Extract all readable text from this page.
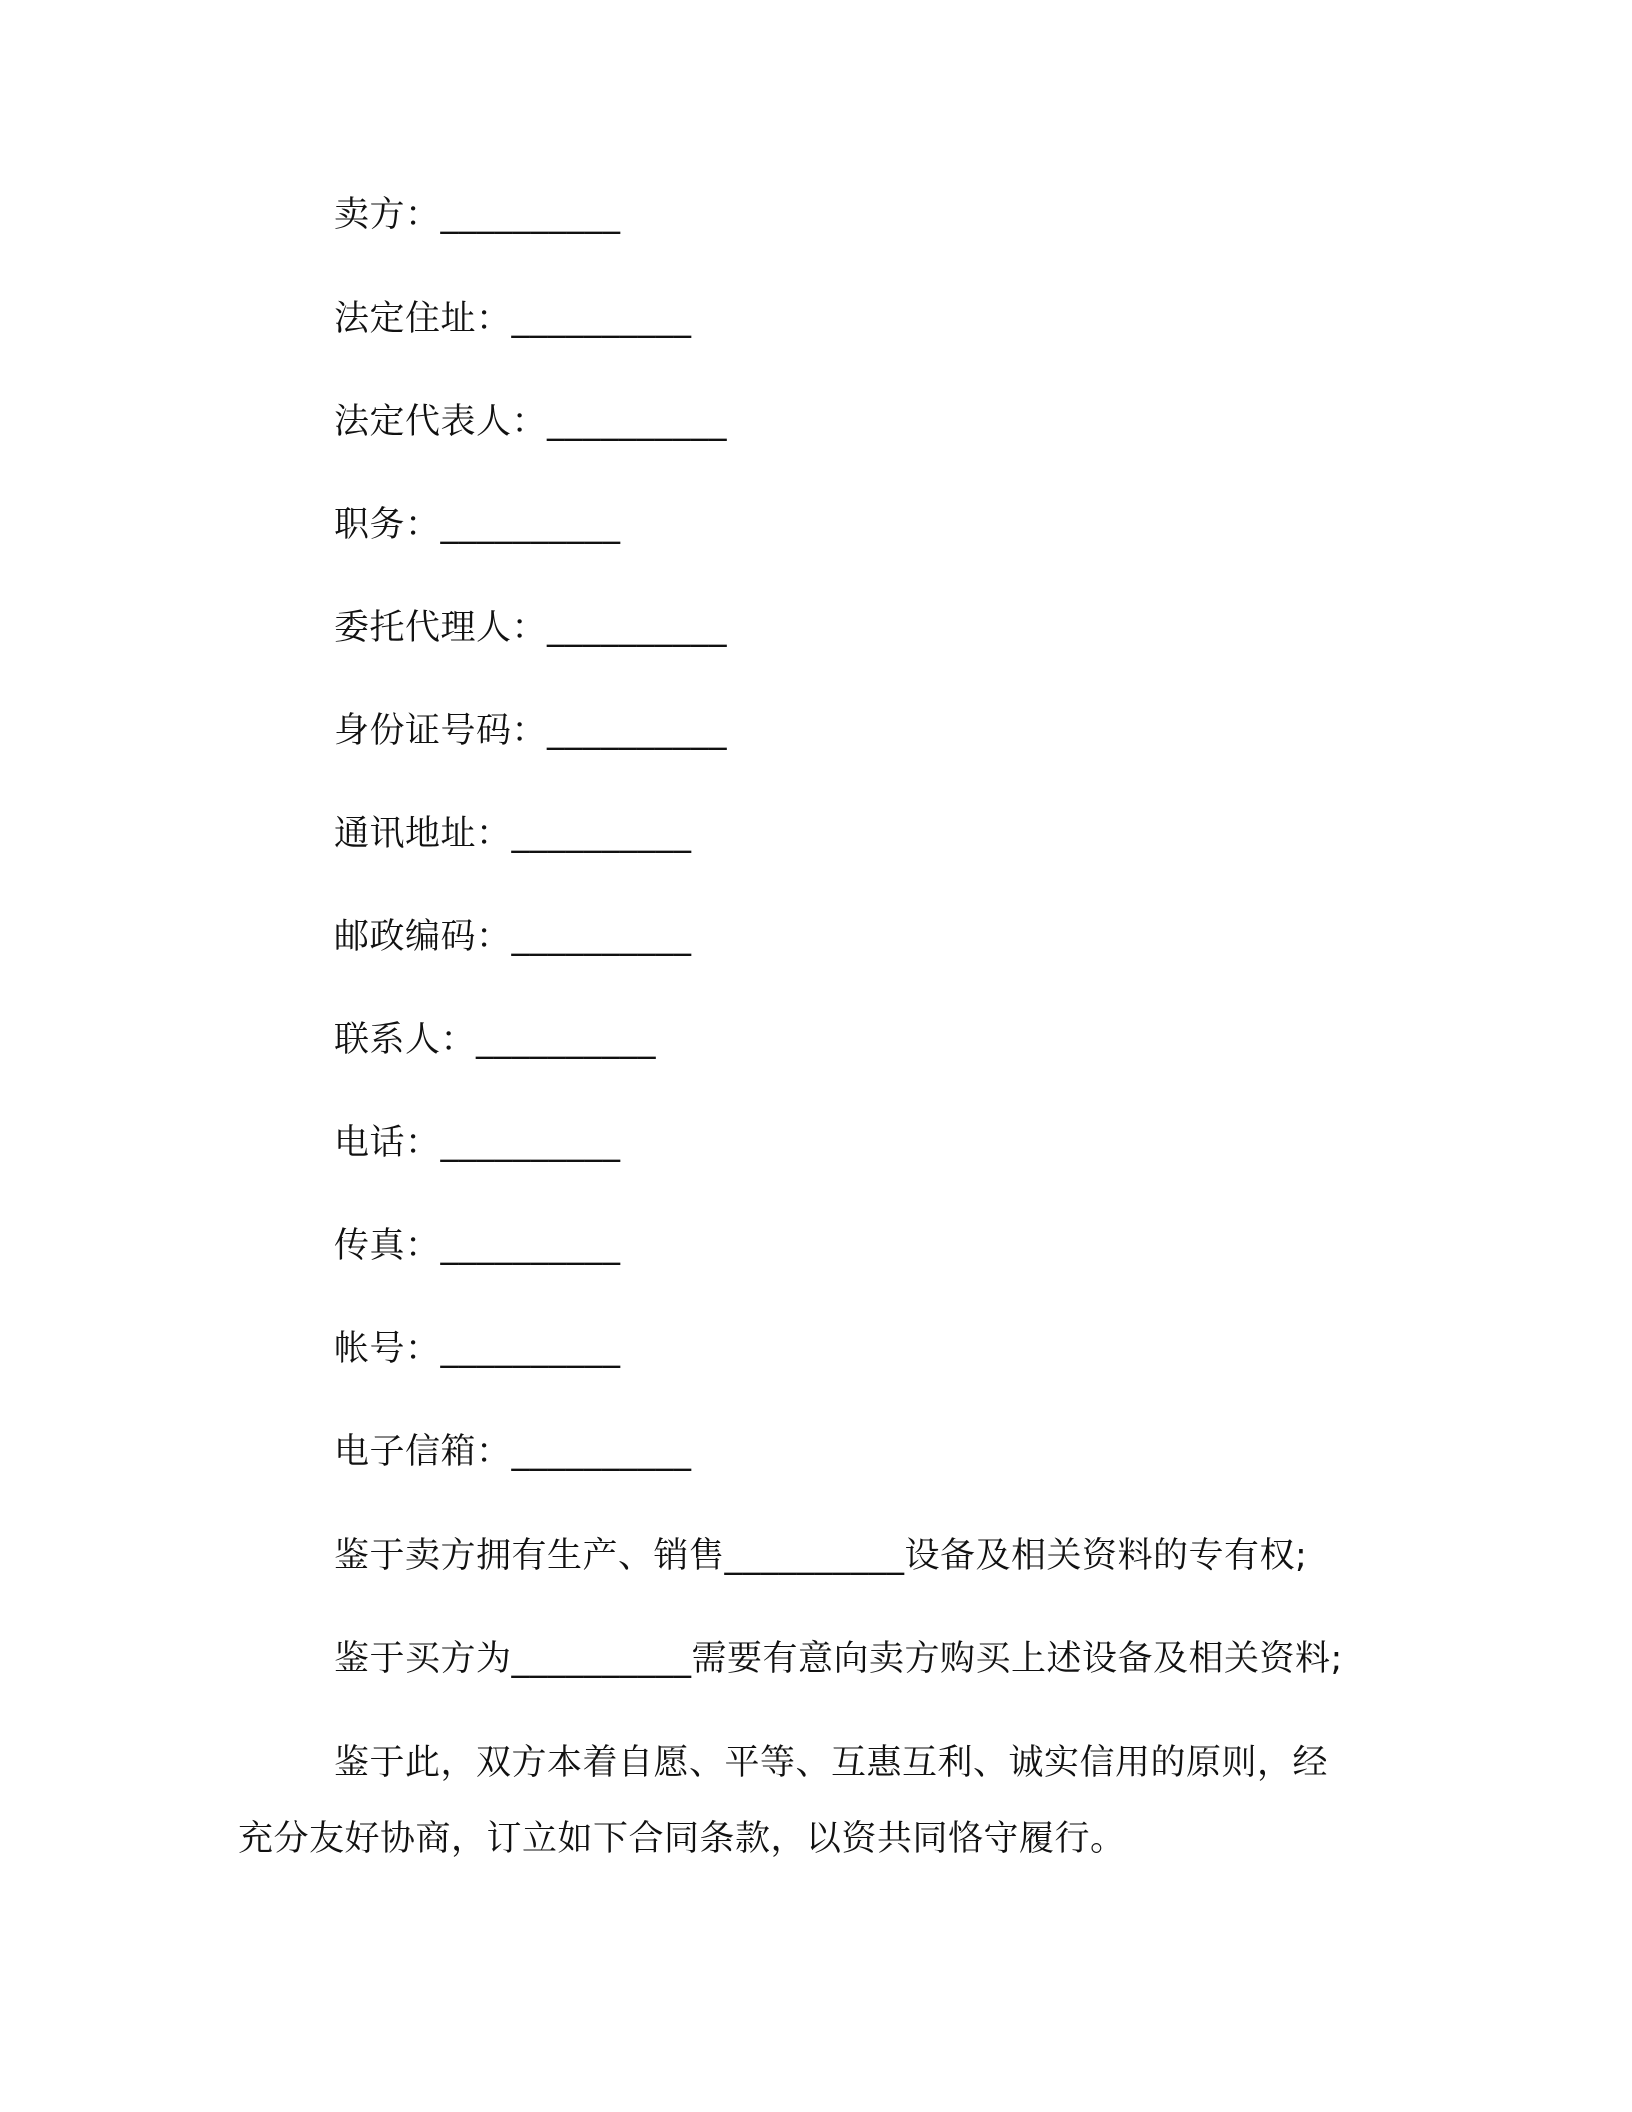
卖方：__________
法定住址：__________
法定代表人：__________
职务：__________
委托代理人：__________
身份证号码：__________
通讯地址：__________
邮政编码：__________
联系人：__________
电话：__________
传真：__________
帐号：__________
电子信箱：__________
鉴于卖方拥有生产、销售__________设备及相关资料的专有权;
鉴于买方为__________需要有意向卖方购买上述设备及相关资料;
鉴于此，双方本着自愿、平等、互惠互利、诚实信用的原则，经
充分友好协商，订立如下合同条款，以资共同恪守履行。
